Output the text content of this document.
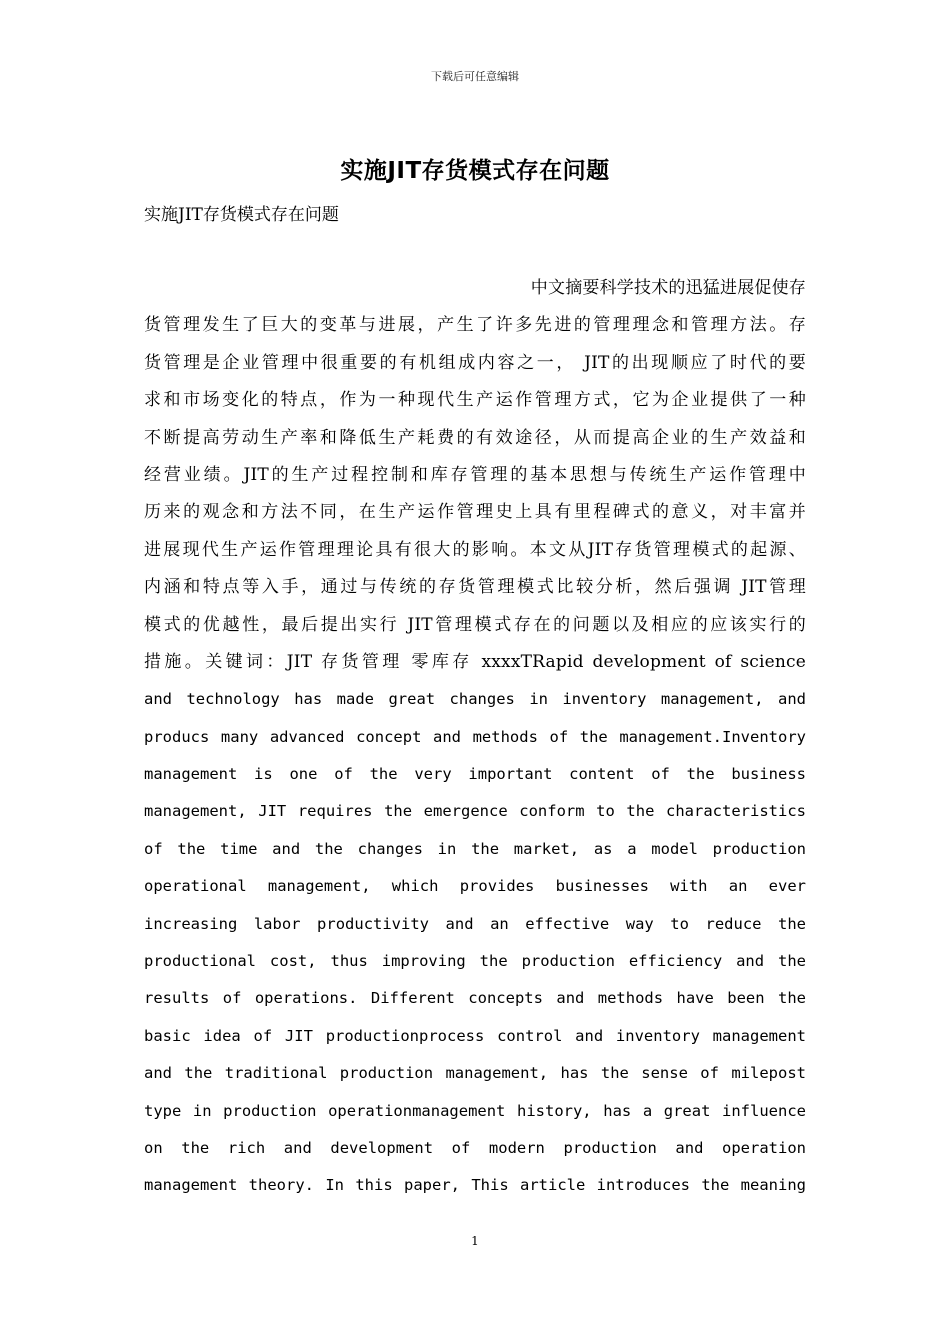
下载后可任意编辑
实施JIT存货模式存在问题
实施JIT存货模式存在问题
中文摘要科学技术的迅猛进展促使存
货管理发生了巨大的变革与进展，产生了许多先进的管理理念和管理方法。存
货管理是企业管理中很重要的有机组成内容之一， JIT的出现顺应了时代的要
求和市场变化的特点，作为一种现代生产运作管理方式，它为企业提供了一种
不断提高劳动生产率和降低生产耗费的有效途径，从而提高企业的生产效益和
经营业绩。JIT的生产过程控制和库存管理的基本思想与传统生产运作管理中
历来的观念和方法不同，在生产运作管理史上具有里程碑式的意义，对丰富并
进展现代生产运作管理理论具有很大的影响。本文从JIT存货管理模式的起源、
内涵和特点等入手，通过与传统的存货管理模式比较分析，然后强调 JIT管理
模式的优越性，最后提出实行 JIT管理模式存在的问题以及相应的应该实行的
措施。关键词：JIT 存货管理 零库存 xxxxTRapid development of science
and technology has made great changes in inventory management, and
producs many advanced concept and methods of the management.Inventory
management is one of the very important content of the business
management, JIT requires the emergence conform to the characteristics
of the time and the changes in the market, as a model production
operational management, which provides businesses with an ever
increasing labor productivity and an effective way to reduce the
productional cost, thus improving the production efficiency and the
results of operations. Different concepts and methods have been the
basic idea of JIT productionprocess control and inventory management
and the traditional production management, has the sense of milepost
type in production operationmanagement history, has a great influence
on the rich and development of modern production and operation
management theory. In this paper, This article introduces the meaning
1
